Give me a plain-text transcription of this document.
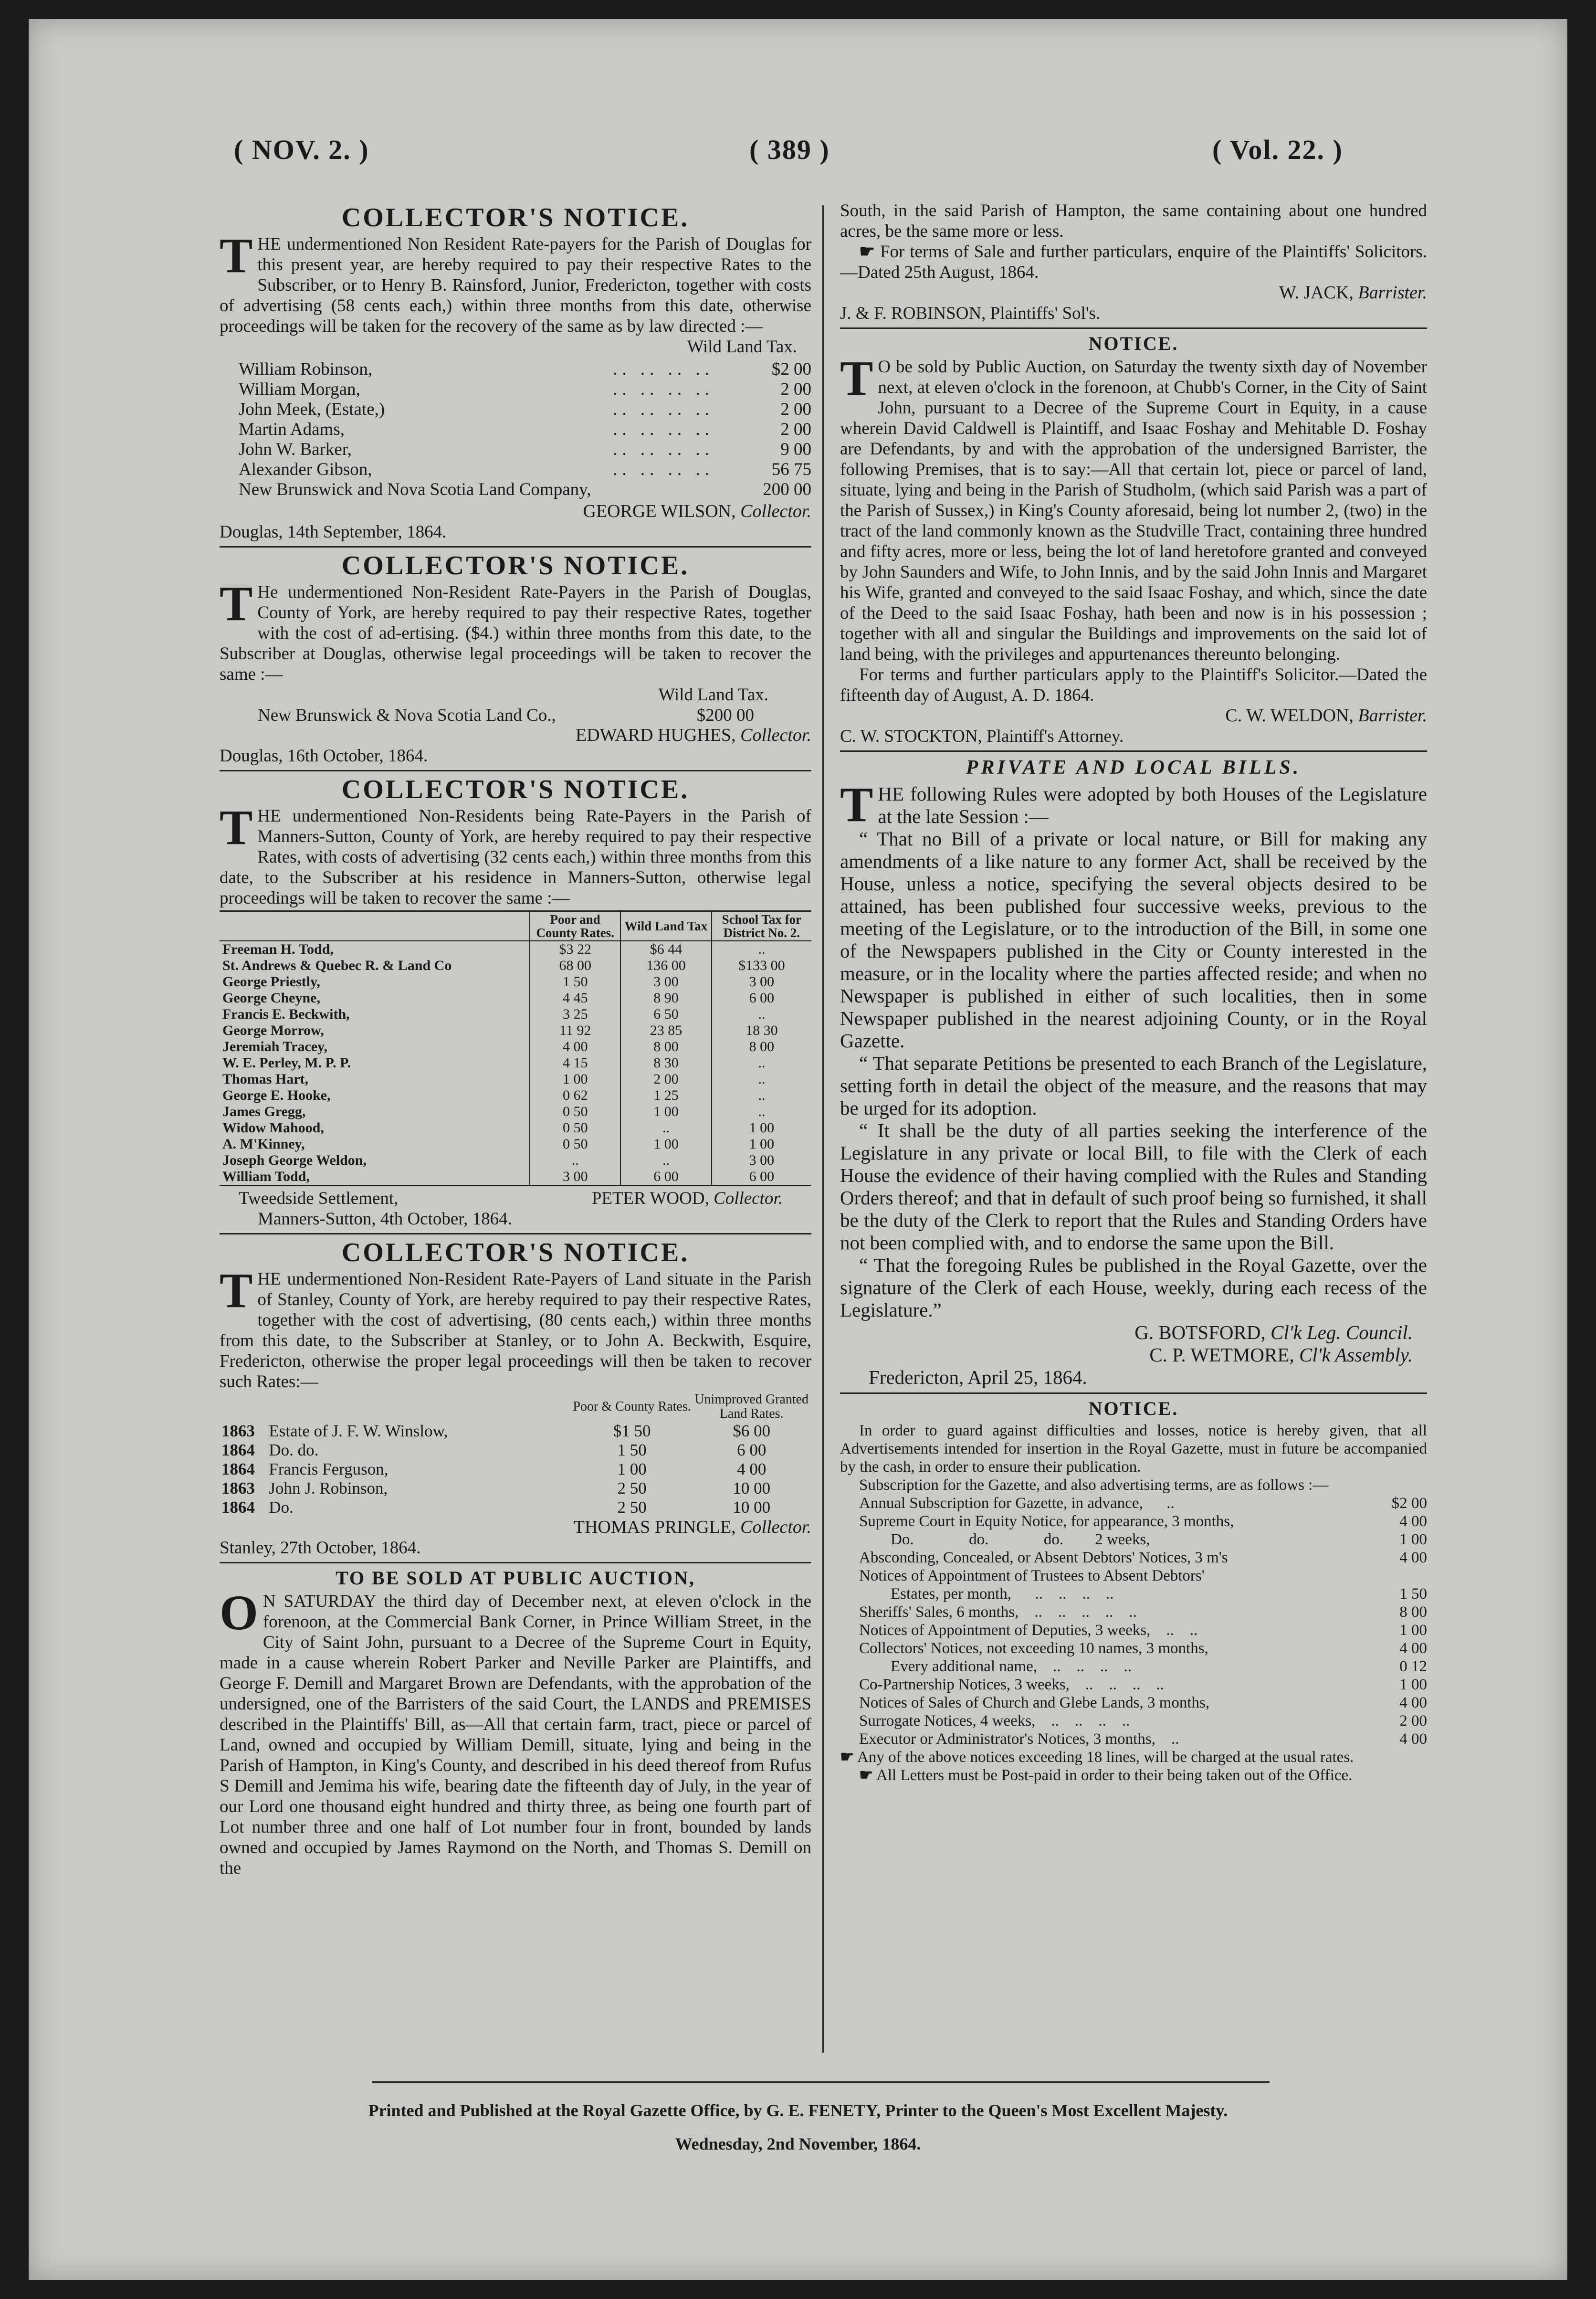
( NOV. 2. )	( 389 )	( Vol. 22. )
COLLECTOR'S NOTICE.

THE undermentioned Non Resident Rate-payers for the Parish of Douglas for this present year, are hereby required to pay their respective Rates to the Subscriber, or to Henry B. Rainsford, Junior, Fredericton, together with costs of advertising (58 cents each,) within three months from this date, otherwise proceedings will be taken for the recovery of the same as by law directed :—

Wild Land Tax.
William Robinson,	.. .. .. ..	$2 00
William Morgan,	.. .. .. ..	2 00
John Meek, (Estate,)	.. .. .. ..	2 00
Martin Adams,	.. .. .. ..	2 00
John W. Barker,	.. .. .. ..	9 00
Alexander Gibson,	.. .. .. ..	56 75
New Brunswick and Nova Scotia Land Company,	200 00
GEORGE WILSON, Collector.
Douglas, 14th September, 1864.
COLLECTOR'S NOTICE.

T He undermentioned Non-Resident Rate-Payers in the Parish of Douglas, County of York, are hereby required to pay their respective Rates, together with the cost of ad-ertising. ($4.) within three months from this date, to the Subscriber at Douglas, otherwise legal proceedings will be taken to recover the same :—

Wild Land Tax.
New Brunswick & Nova Scotia Land Co.,	$200 00
EDWARD HUGHES, Collector.
Douglas, 16th October, 1864.
COLLECTOR'S NOTICE.

THE undermentioned Non-Residents being Rate-Payers in the Parish of Manners-Sutton, County of York, are hereby required to pay their respective Rates, with costs of advertising (32 cents each,) within three months from this date, to the Subscriber at his residence in Manners-Sutton, otherwise legal proceedings will be taken to recover the same :—

	Poor and County Rates.	Wild Land Tax	School Tax for District No. 2.
Freeman H. Todd,	$3 22	$6 44	..
St. Andrews & Quebec R. & Land Co	68 00	136 00	$133 00
George Priestly,	1 50	3 00	3 00
George Cheyne,	4 45	8 90	6 00
Francis E. Beckwith,	3 25	6 50	..
George Morrow,	11 92	23 85	18 30
Jeremiah Tracey,	4 00	8 00	8 00
W. E. Perley, M. P. P.	4 15	8 30	..
Thomas Hart,	1 00	2 00	..
George E. Hooke,	0 62	1 25	..
James Gregg,	0 50	1 00	..
Widow Mahood,	0 50	..	1 00
A. M'Kinney,	0 50	1 00	1 00
Joseph George Weldon,	..	..	3 00
William Todd,	3 00	6 00	6 00
Tweedside Settlement,	PETER WOOD, Collector.
Manners-Sutton, 4th October, 1864.
COLLECTOR'S NOTICE.

THE undermentioned Non-Resident Rate-Payers of Land situate in the Parish of Stanley, County of York, are hereby required to pay their respective Rates, together with the cost of advertising, (80 cents each,) within three months from this date, to the Subscriber at Stanley, or to John A. Beckwith, Esquire, Fredericton, otherwise the proper legal proceedings will then be taken to recover such Rates:—

		Poor & County Rates.	Unimproved Granted Land Rates.
1863	Estate of J. F. W. Winslow,	$1 50	$6 00
1864	Do. do.	1 50	6 00
1864	Francis Ferguson,	1 00	4 00
1863	John J. Robinson,	2 50	10 00
1864	Do.	2 50	10 00
THOMAS PRINGLE, Collector.
Stanley, 27th October, 1864.
TO BE SOLD AT PUBLIC AUCTION,

O N SATURDAY the third day of December next, at eleven o'clock in the forenoon, at the Commercial Bank Corner, in Prince William Street, in the City of Saint John, pursuant to a Decree of the Supreme Court in Equity, made in a cause wherein Robert Parker and Neville Parker are Plaintiffs, and George F. Demill and Margaret Brown are Defendants, with the approbation of the undersigned, one of the Barristers of the said Court, the LANDS and PREMISES described in the Plaintiffs' Bill, as—All that certain farm, tract, piece or parcel of Land, owned and occupied by William Demill, situate, lying and being in the Parish of Hampton, in King's County, and described in his deed thereof from Rufus S Demill and Jemima his wife, bearing date the fifteenth day of July, in the year of our Lord one thousand eight hundred and thirty three, as being one fourth part of Lot number three and one half of Lot number four in front, bounded by lands owned and occupied by James Raymond on the North, and Thomas S. Demill on the

South, in the said Parish of Hampton, the same containing about one hundred acres, be the same more or less.

☛ For terms of Sale and further particulars, enquire of the Plaintiffs' Solicitors.—Dated 25th August, 1864.

W. JACK, Barrister.
J. & F. ROBINSON, Plaintiffs' Sol's.
NOTICE.

T O be sold by Public Auction, on Saturday the twenty sixth day of November next, at eleven o'clock in the forenoon, at Chubb's Corner, in the City of Saint John, pursuant to a Decree of the Supreme Court in Equity, in a cause wherein David Caldwell is Plaintiff, and Isaac Foshay and Mehitable D. Foshay are Defendants, by and with the approbation of the undersigned Barrister, the following Premises, that is to say:—All that certain lot, piece or parcel of land, situate, lying and being in the Parish of Studholm, (which said Parish was a part of the Parish of Sussex,) in King's County aforesaid, being lot number 2, (two) in the tract of the land commonly known as the Studville Tract, containing three hundred and fifty acres, more or less, being the lot of land heretofore granted and conveyed by John Saunders and Wife, to John Innis, and by the said John Innis and Margaret his Wife, granted and conveyed to the said Isaac Foshay, and which, since the date of the Deed to the said Isaac Foshay, hath been and now is in his possession ; together with all and singular the Buildings and improvements on the said lot of land being, with the privileges and appurtenances thereunto belonging.

For terms and further particulars apply to the Plaintiff's Solicitor.—Dated the fifteenth day of August, A. D. 1864.

C. W. WELDON, Barrister.
C. W. STOCKTON, Plaintiff's Attorney.
PRIVATE AND LOCAL BILLS.

THE following Rules were adopted by both Houses of the Legislature at the late Session :—

“ That no Bill of a private or local nature, or Bill for making any amendments of a like nature to any former Act, shall be received by the House, unless a notice, specifying the several objects desired to be attained, has been published four successive weeks, previous to the meeting of the Legislature, or to the introduction of the Bill, in some one of the Newspapers published in the City or County interested in the measure, or in the locality where the parties affected reside; and when no Newspaper is published in either of such localities, then in some Newspaper published in the nearest adjoining County, or in the Royal Gazette.

“ That separate Petitions be presented to each Branch of the Legislature, setting forth in detail the object of the measure, and the reasons that may be urged for its adoption.

“ It shall be the duty of all parties seeking the interference of the Legislature in any private or local Bill, to file with the Clerk of each House the evidence of their having complied with the Rules and Standing Orders thereof; and that in default of such proof being so furnished, it shall be the duty of the Clerk to report that the Rules and Standing Orders have not been complied with, and to endorse the same upon the Bill.

“ That the foregoing Rules be published in the Royal Gazette, over the signature of the Clerk of each House, weekly, during each recess of the Legislature.”

G. BOTSFORD, Cl'k Leg. Council.
C. P. WETMORE, Cl'k Assembly.
Fredericton, April 25, 1864.
NOTICE.

In order to guard against difficulties and losses, notice is hereby given, that all Advertisements intended for insertion in the Royal Gazette, must in future be accompanied by the cash, in order to ensure their publication.

Subscription for the Gazette, and also advertising terms, are as follows :—

Annual Subscription for Gazette, in advance,      ..	$2 00
Supreme Court in Equity Notice, for appearance, 3 months,	4 00
Do.              do.              do.        2 weeks,	1 00
Absconding, Concealed, or Absent Debtors' Notices, 3 m's	4 00
Notices of Appointment of Trustees to Absent Debtors'
Estates, per month,      ..    ..    ..    ..	1 50
Sheriffs' Sales, 6 months,    ..    ..    ..    ..    ..	8 00
Notices of Appointment of Deputies, 3 weeks,    ..    ..	1 00
Collectors' Notices, not exceeding 10 names, 3 months,	4 00
Every additional name,    ..    ..    ..    ..	0 12
Co-Partnership Notices, 3 weeks,    ..    ..    ..    ..	1 00
Notices of Sales of Church and Glebe Lands, 3 months,	4 00
Surrogate Notices, 4 weeks,    ..    ..    ..    ..	2 00
Executor or Administrator's Notices, 3 months,    ..	4 00

☛ Any of the above notices exceeding 18 lines, will be charged at the usual rates.

☛ All Letters must be Post-paid in order to their being taken out of the Office.

Printed and Published at the Royal Gazette Office, by G. E. FENETY, Printer to the Queen's Most Excellent Majesty.
Wednesday, 2nd November, 1864.
